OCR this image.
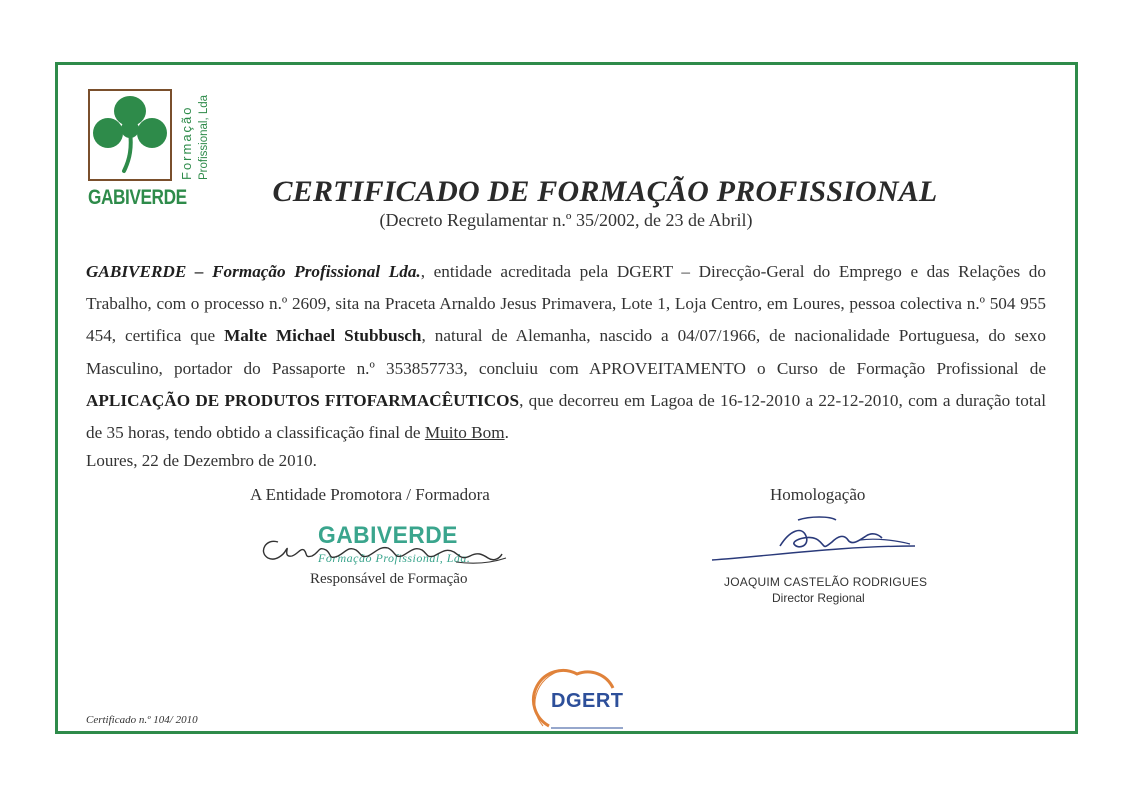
Formação Profissional, Lda
GABIVERDE	CERTIFICADO DE FORMAÇÃO PROFISSIONAL
(Decreto Regulamentar n.º 35/2002, de 23 de Abril)
GABIVERDE – Formação Profissional Lda., entidade acreditada pela DGERT – Direcção-Geral do Emprego e das Relações do Trabalho, com o processo n.º 2609, sita na Praceta Arnaldo Jesus Primavera, Lote 1, Loja Centro, em Loures, pessoa colectiva n.º 504 955 454, certifica que Malte Michael Stubbusch, natural de Alemanha, nascido a 04/07/1966, de nacionalidade Portuguesa, do sexo Masculino, portador do Passaporte n.º 353857733, concluiu com APROVEITAMENTO o Curso de Formação Profissional de APLICAÇÃO DE PRODUTOS FITOFARMACÊUTICOS, que decorreu em Lagoa de 16-12-2010 a 22-12-2010, com a duração total de 35 horas, tendo obtido a classificação final de Muito Bom.
Loures, 22 de Dezembro de 2010.
A Entidade Promotora / Formadora
GABIVERDE
Formação Profissional, Lda.
Responsável de Formação
Homologação
JOAQUIM CASTELÃO RODRIGUES
Director Regional
Certificado n.º 104/ 2010
DGERT
